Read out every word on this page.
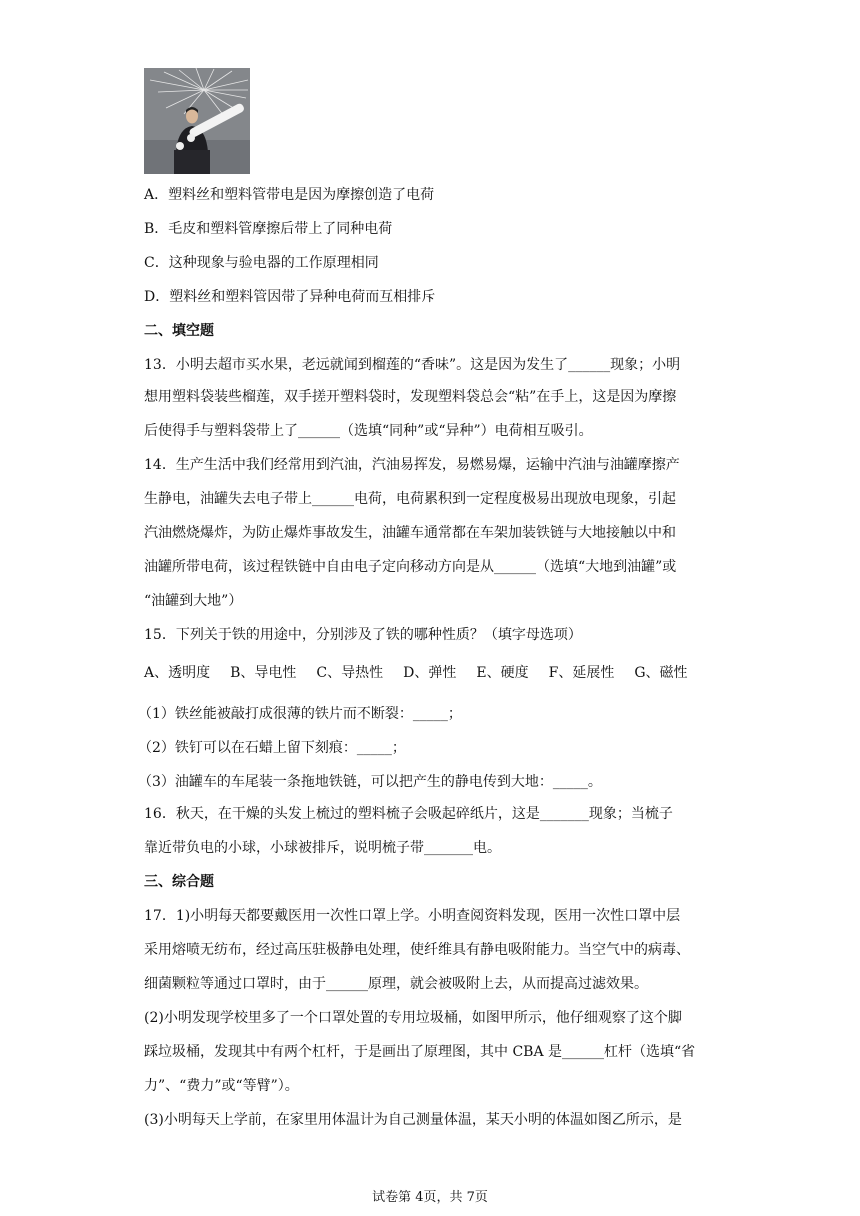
A．塑料丝和塑料管带电是因为摩擦创造了电荷
B．毛皮和塑料管摩擦后带上了同种电荷
C．这种现象与验电器的工作原理相同
D．塑料丝和塑料管因带了异种电荷而互相排斥
二、填空题
13．小明去超市买水果，老远就闻到榴莲的“香味”。这是因为发生了______现象；小明
想用塑料袋装些榴莲，双手搓开塑料袋时，发现塑料袋总会“粘”在手上，这是因为摩擦
后使得手与塑料袋带上了______（选填“同种”或“异种”）电荷相互吸引。
14．生产生活中我们经常用到汽油，汽油易挥发，易燃易爆，运输中汽油与油罐摩擦产
生静电，油罐失去电子带上______电荷，电荷累积到一定程度极易出现放电现象，引起
汽油燃烧爆炸，为防止爆炸事故发生，油罐车通常都在车架加装铁链与大地接触以中和
油罐所带电荷，该过程铁链中自由电子定向移动方向是从______（选填“大地到油罐”或
“油罐到大地”）
15．下列关于铁的用途中，分别涉及了铁的哪种性质？（填字母选项）
A、透明度 B、导电性 C、导热性 D、弹性 E、硬度 F、延展性 G、磁性
（1）铁丝能被敲打成很薄的铁片而不断裂：_____；
（2）铁钉可以在石蜡上留下刻痕：_____；
（3）油罐车的车尾装一条拖地铁链，可以把产生的静电传到大地：_____。
16．秋天，在干燥的头发上梳过的塑料梳子会吸起碎纸片，这是_______现象；当梳子
靠近带负电的小球，小球被排斥，说明梳子带_______电。
三、综合题
17．1)小明每天都要戴医用一次性口罩上学。小明查阅资料发现，医用一次性口罩中层
采用熔喷无纺布，经过高压驻极静电处理，使纤维具有静电吸附能力。当空气中的病毒、
细菌颗粒等通过口罩时，由于______原理，就会被吸附上去，从而提高过滤效果。
(2)小明发现学校里多了一个口罩处置的专用垃圾桶，如图甲所示，他仔细观察了这个脚
踩垃圾桶，发现其中有两个杠杆，于是画出了原理图，其中 CBA 是______杠杆（选填“省
力”、“费力”或“等臂”）。
(3)小明每天上学前，在家里用体温计为自己测量体温，某天小明的体温如图乙所示，是
试卷第 4页，共 7页
